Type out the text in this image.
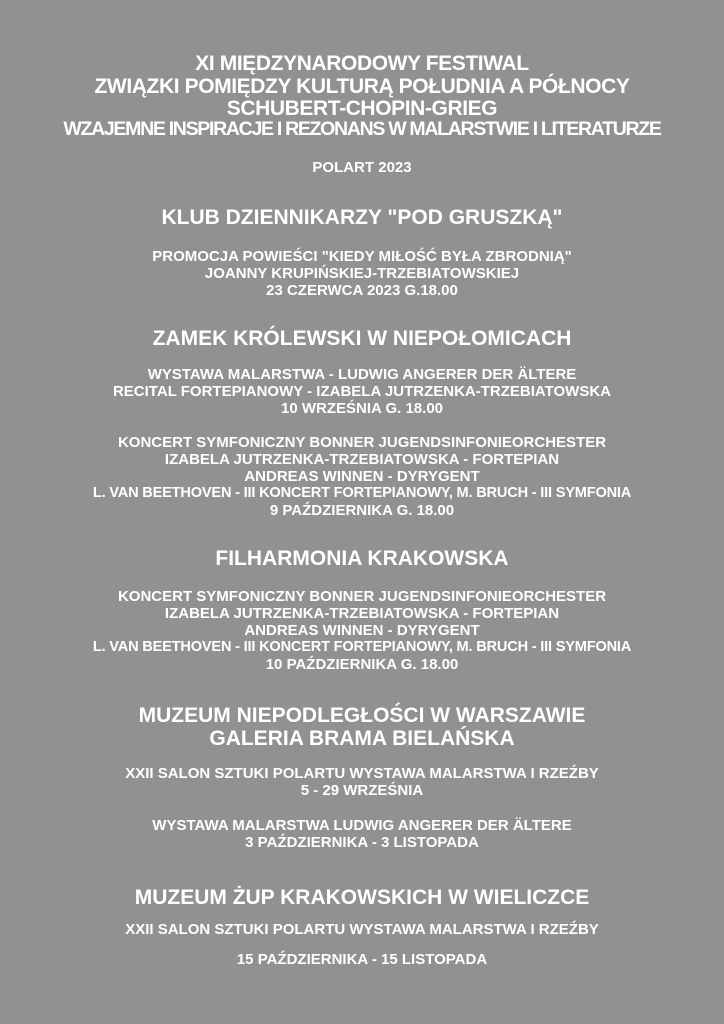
XI MIĘDZYNARODOWY FESTIWAL
ZWIĄZKI POMIĘDZY KULTURĄ POŁUDNIA A PÓŁNOCY
SCHUBERT-CHOPIN-GRIEG
WZAJEMNE INSPIRACJE I REZONANS W MALARSTWIE I LITERATURZE
POLART 2023
KLUB DZIENNIKARZY "POD GRUSZKĄ"
PROMOCJA POWIEŚCI "KIEDY MIŁOŚĆ BYŁA ZBRODNIĄ"
JOANNY KRUPIŃSKIEJ-TRZEBIATOWSKIEJ
23 CZERWCA 2023 G.18.00
ZAMEK KRÓLEWSKI W NIEPOŁOMICACH
WYSTAWA MALARSTWA - LUDWIG ANGERER DER ÄLTERE
RECITAL FORTEPIANOWY - IZABELA JUTRZENKA-TRZEBIATOWSKA
10 WRZEŚNIA G. 18.00
KONCERT SYMFONICZNY BONNER JUGENDSINFONIEORCHESTER
IZABELA JUTRZENKA-TRZEBIATOWSKA - FORTEPIAN
ANDREAS WINNEN - DYRYGENT
L. VAN BEETHOVEN - III KONCERT FORTEPIANOWY, M. BRUCH - III SYMFONIA
9 PAŹDZIERNIKA G. 18.00
FILHARMONIA KRAKOWSKA
KONCERT SYMFONICZNY BONNER JUGENDSINFONIEORCHESTER
IZABELA JUTRZENKA-TRZEBIATOWSKA - FORTEPIAN
ANDREAS WINNEN - DYRYGENT
L. VAN BEETHOVEN - III KONCERT FORTEPIANOWY, M. BRUCH - III SYMFONIA
10 PAŹDZIERNIKA G. 18.00
MUZEUM NIEPODLEGŁOŚCI W WARSZAWIE
GALERIA BRAMA BIELAŃSKA
XXII SALON SZTUKI POLARTU WYSTAWA MALARSTWA I RZEŹBY
5 - 29 WRZEŚNIA
WYSTAWA MALARSTWA LUDWIG ANGERER DER ÄLTERE
3 PAŹDZIERNIKA - 3 LISTOPADA
MUZEUM ŻUP KRAKOWSKICH W WIELICZCE
XXII SALON SZTUKI POLARTU WYSTAWA MALARSTWA I RZEŹBY
15 PAŹDZIERNIKA - 15 LISTOPADA
